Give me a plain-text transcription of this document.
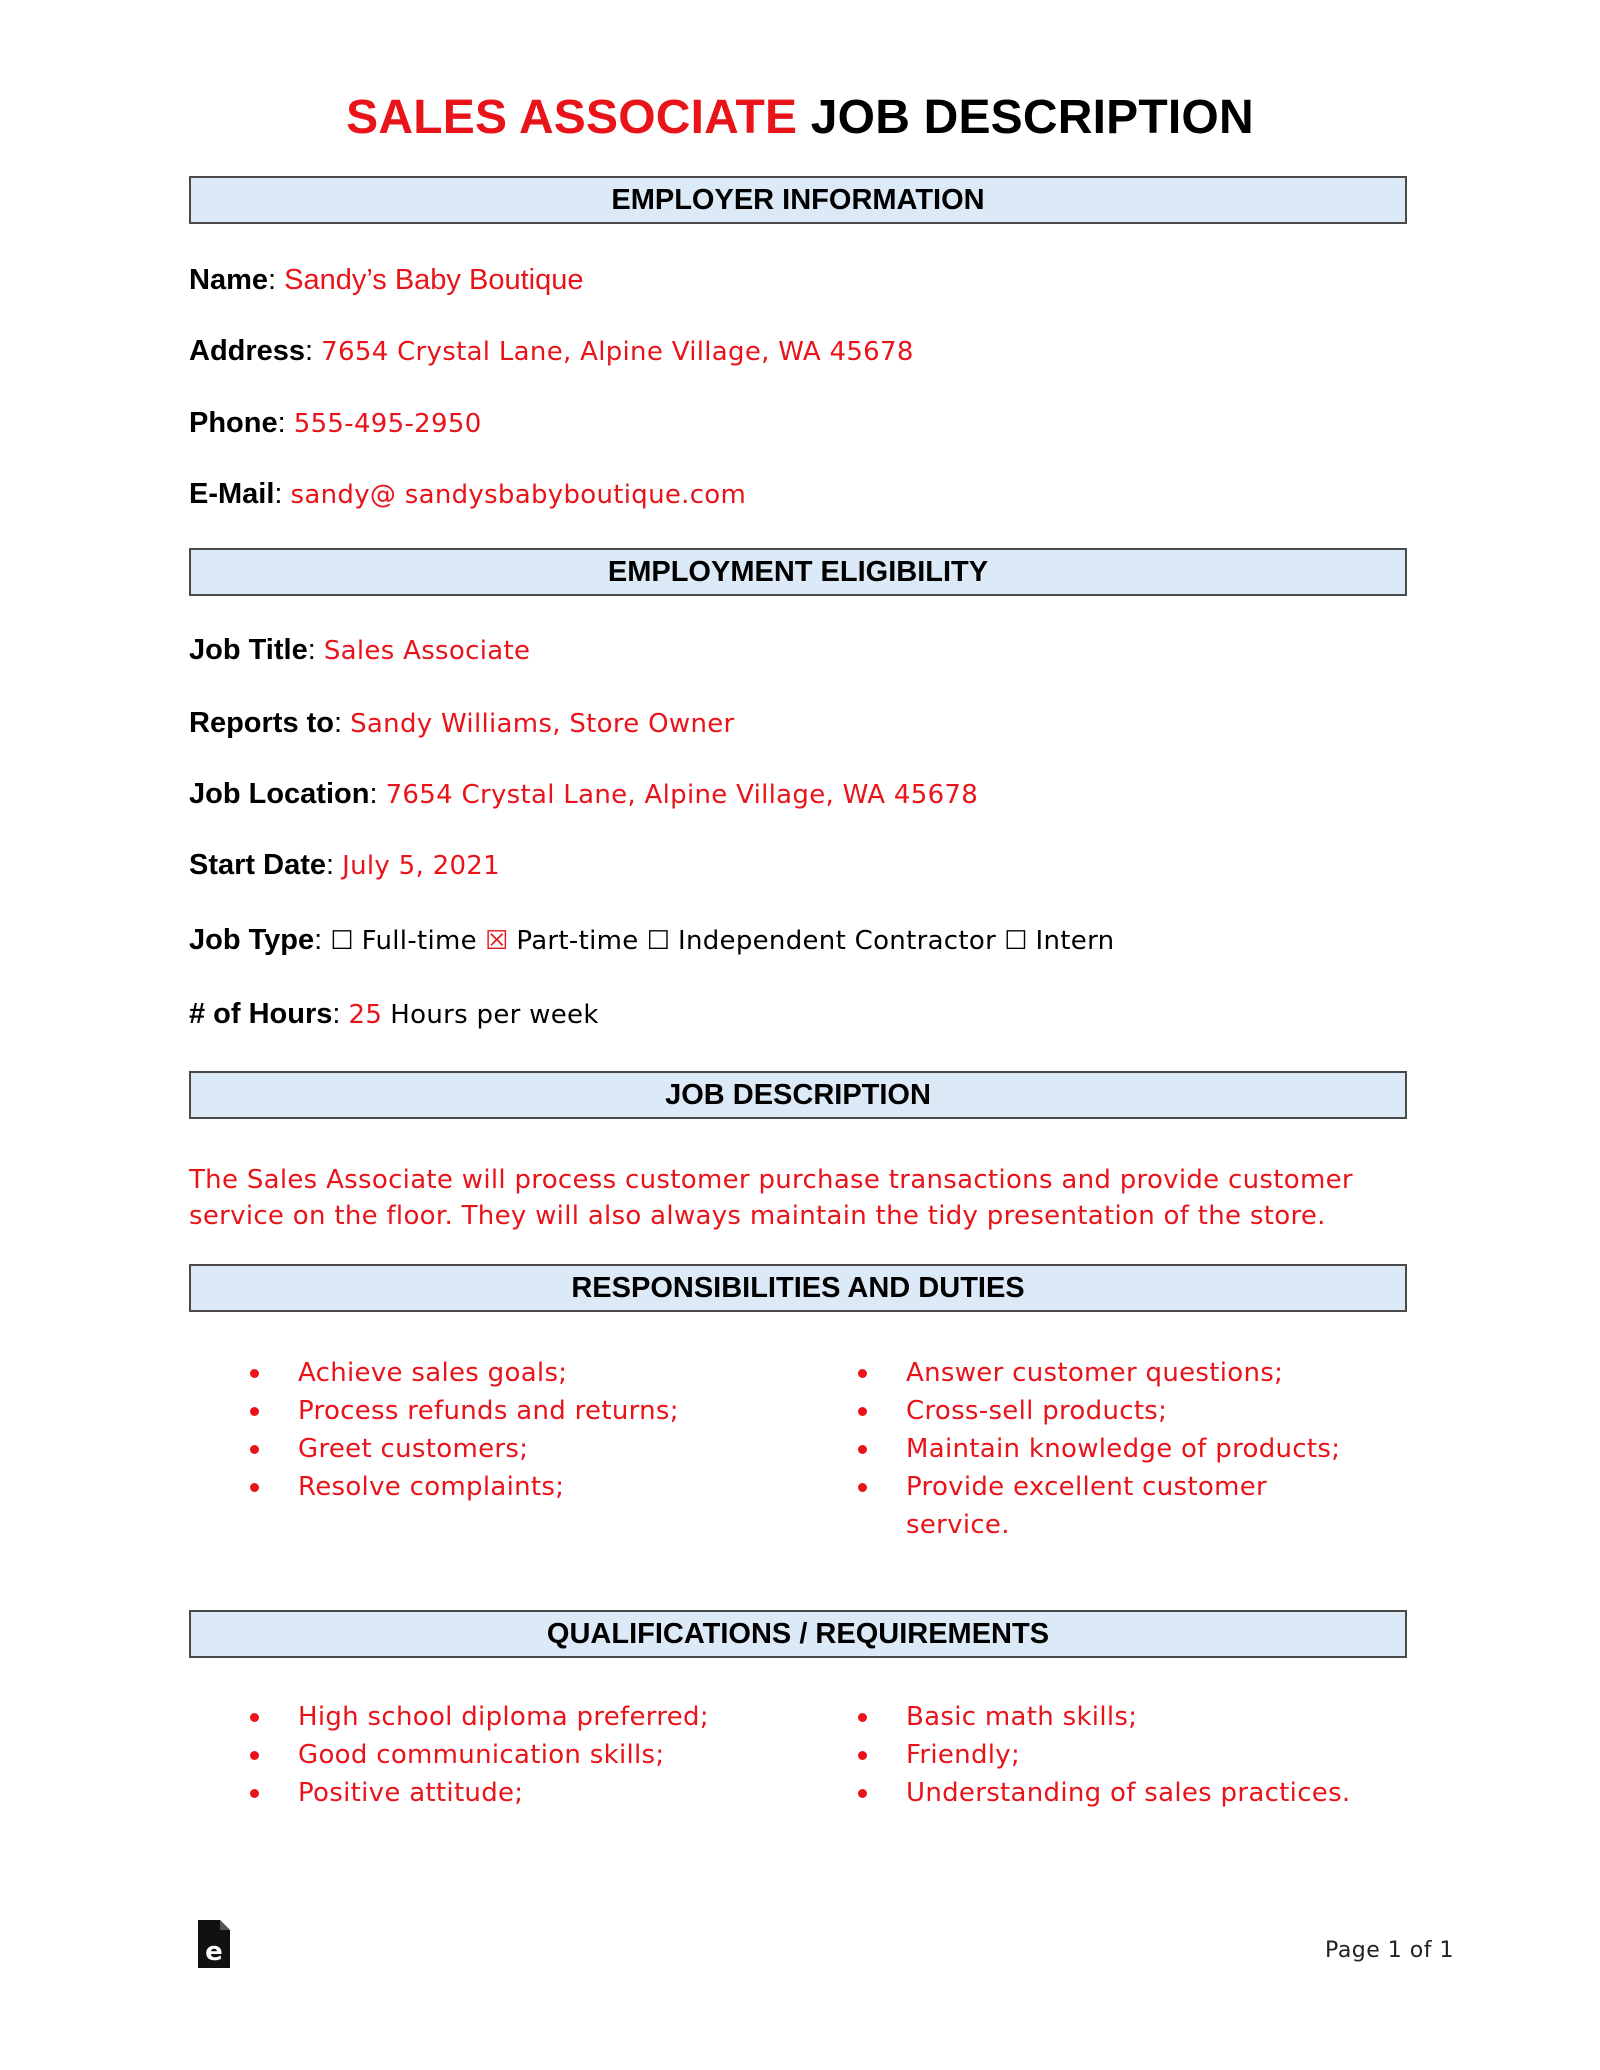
SALES ASSOCIATE JOB DESCRIPTION
EMPLOYER INFORMATION
Name: Sandy’s Baby Boutique
Address: 7654 Crystal Lane, Alpine Village, WA 45678
Phone: 555-495-2950
E-Mail: sandy@ sandysbabyboutique.com
EMPLOYMENT ELIGIBILITY
Job Title: Sales Associate
Reports to: Sandy Williams, Store Owner
Job Location: 7654 Crystal Lane, Alpine Village, WA 45678
Start Date: July 5, 2021
Job Type: ☐ Full-time ☒ Part-time ☐ Independent Contractor ☐ Intern
# of Hours: 25 Hours per week
JOB DESCRIPTION
The Sales Associate will process customer purchase transactions and provide customer service on the floor. They will also always maintain the tidy presentation of the store.
RESPONSIBILITIES AND DUTIES
Achieve sales goals;
Process refunds and returns;
Greet customers;
Resolve complaints;
Answer customer questions;
Cross-sell products;
Maintain knowledge of products;
Provide excellent customer service.
QUALIFICATIONS / REQUIREMENTS
High school diploma preferred;
Good communication skills;
Positive attitude;
Basic math skills;
Friendly;
Understanding of sales practices.
e	Page 1 of 1
